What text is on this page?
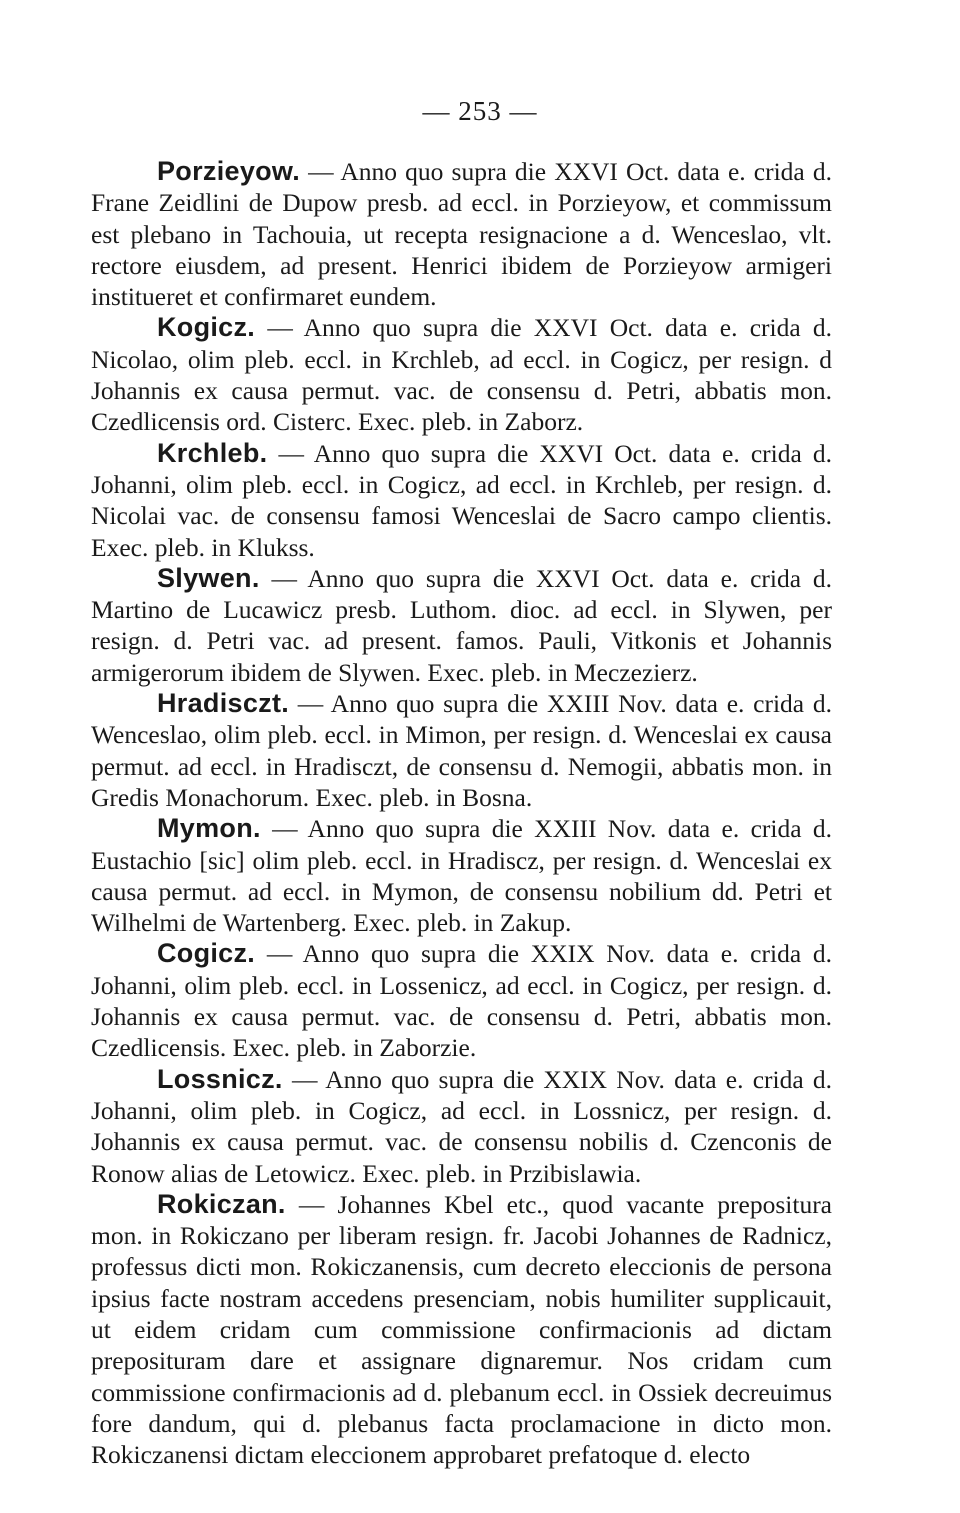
— 253 —

Porzieyow. — Anno quo supra die XXVI Oct. data e. crida d. Frane Zeidlini de Dupow presb. ad eccl. in Porzieyow, et commissum est plebano in Tachouia, ut recepta resignacione a d. Wenceslao, vlt. rectore eiusdem, ad present. Henrici ibidem de Porzieyow armigeri institueret et confirmaret eundem.

Kogicz. — Anno quo supra die XXVI Oct. data e. crida d. Nicolao, olim pleb. eccl. in Krchleb, ad eccl. in Cogicz, per resign. d Johannis ex causa permut. vac. de consensu d. Petri, abbatis mon. Czedlicensis ord. Cisterc. Exec. pleb. in Zaborz.

Krchleb. — Anno quo supra die XXVI Oct. data e. crida d. Johanni, olim pleb. eccl. in Cogicz, ad eccl. in Krchleb, per resign. d. Nicolai vac. de consensu famosi Wenceslai de Sacro campo clientis. Exec. pleb. in Klukss.

Slywen. — Anno quo supra die XXVI Oct. data e. crida d. Martino de Lucawicz presb. Luthom. dioc. ad eccl. in Slywen, per resign. d. Petri vac. ad present. famos. Pauli, Vitkonis et Johannis armigerorum ibidem de Slywen. Exec. pleb. in Meczezierz.

Hradisczt. — Anno quo supra die XXIII Nov. data e. crida d. Wenceslao, olim pleb. eccl. in Mimon, per resign. d. Wenceslai ex causa permut. ad eccl. in Hradisczt, de consensu d. Nemogii, abbatis mon. in Gredis Monachorum. Exec. pleb. in Bosna.

Mymon. — Anno quo supra die XXIII Nov. data e. crida d. Eustachio [sic] olim pleb. eccl. in Hradiscz, per resign. d. Wenceslai ex causa permut. ad eccl. in Mymon, de consensu nobilium dd. Petri et Wilhelmi de Wartenberg. Exec. pleb. in Zakup.

Cogicz. — Anno quo supra die XXIX Nov. data e. crida d. Johanni, olim pleb. eccl. in Lossenicz, ad eccl. in Cogicz, per resign. d. Johannis ex causa permut. vac. de consensu d. Petri, abbatis mon. Czedlicensis. Exec. pleb. in Zaborzie.

Lossnicz. — Anno quo supra die XXIX Nov. data e. crida d. Johanni, olim pleb. in Cogicz, ad eccl. in Lossnicz, per resign. d. Johannis ex causa permut. vac. de consensu nobilis d. Czenconis de Ronow alias de Letowicz. Exec. pleb. in Przibislawia.

Rokiczan. — Johannes Kbel etc., quod vacante prepositura mon. in Rokiczano per liberam resign. fr. Jacobi Johannes de Radnicz, professus dicti mon. Rokiczanensis, cum decreto eleccionis de persona ipsius facte nostram accedens presenciam, nobis humiliter supplicauit, ut eidem cridam cum commissione confirmacionis ad dictam preposituram dare et assignare dignaremur. Nos cridam cum commissione confirmacionis ad d. plebanum eccl. in Ossiek decreuimus fore dandum, qui d. plebanus facta proclamacione in dicto mon. Rokiczanensi dictam eleccionem approbaret prefatoque d. electo
